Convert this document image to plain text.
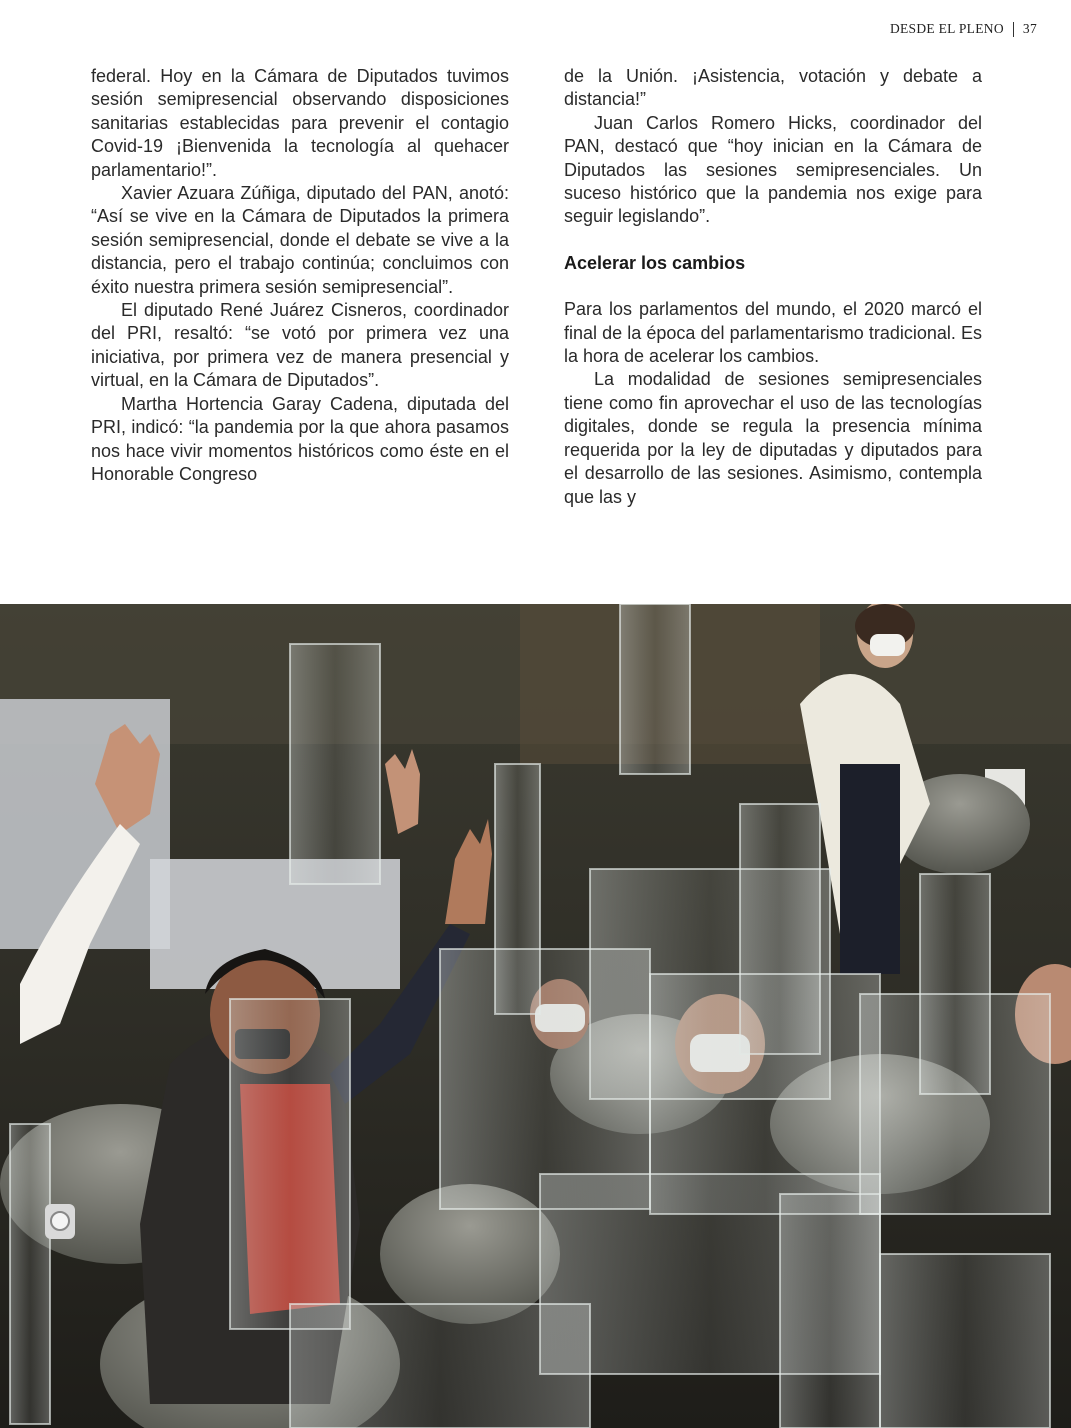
DESDE EL PLENO 37

federal. Hoy en la Cámara de Diputados tuvimos sesión semipresencial observando disposiciones sanitarias establecidas para prevenir el contagio Covid-19 ¡Bienvenida la tecnología al quehacer parlamentario!”.

Xavier Azuara Zúñiga, diputado del PAN, anotó: “Así se vive en la Cámara de Diputados la primera sesión semipresencial, donde el debate se vive a la distancia, pero el trabajo continúa; concluimos con éxito nuestra primera sesión semipresencial”.

El diputado René Juárez Cisneros, coordinador del PRI, resaltó: “se votó por primera vez una iniciativa, por primera vez de manera presencial y virtual, en la Cámara de Diputados”.

Martha Hortencia Garay Cadena, diputada del PRI, indicó: “la pandemia por la que ahora pasamos nos hace vivir momentos históricos como éste en el Honorable Congreso

de la Unión. ¡Asistencia, votación y debate a distancia!”

Juan Carlos Romero Hicks, coordinador del PAN, destacó que “hoy inician en la Cámara de Diputados las sesiones semipresenciales. Un suceso histórico que la pandemia nos exige para seguir legislando”.

Acelerar los cambios

Para los parlamentos del mundo, el 2020 marcó el final de la época del parlamentarismo tradicional. Es la hora de acelerar los cambios.

La modalidad de sesiones semipresenciales tiene como fin aprovechar el uso de las tecnologías digitales, donde se regula la presencia mínima requerida por la ley de diputadas y diputados para el desarrollo de las sesiones. Asimismo, contempla que las y
